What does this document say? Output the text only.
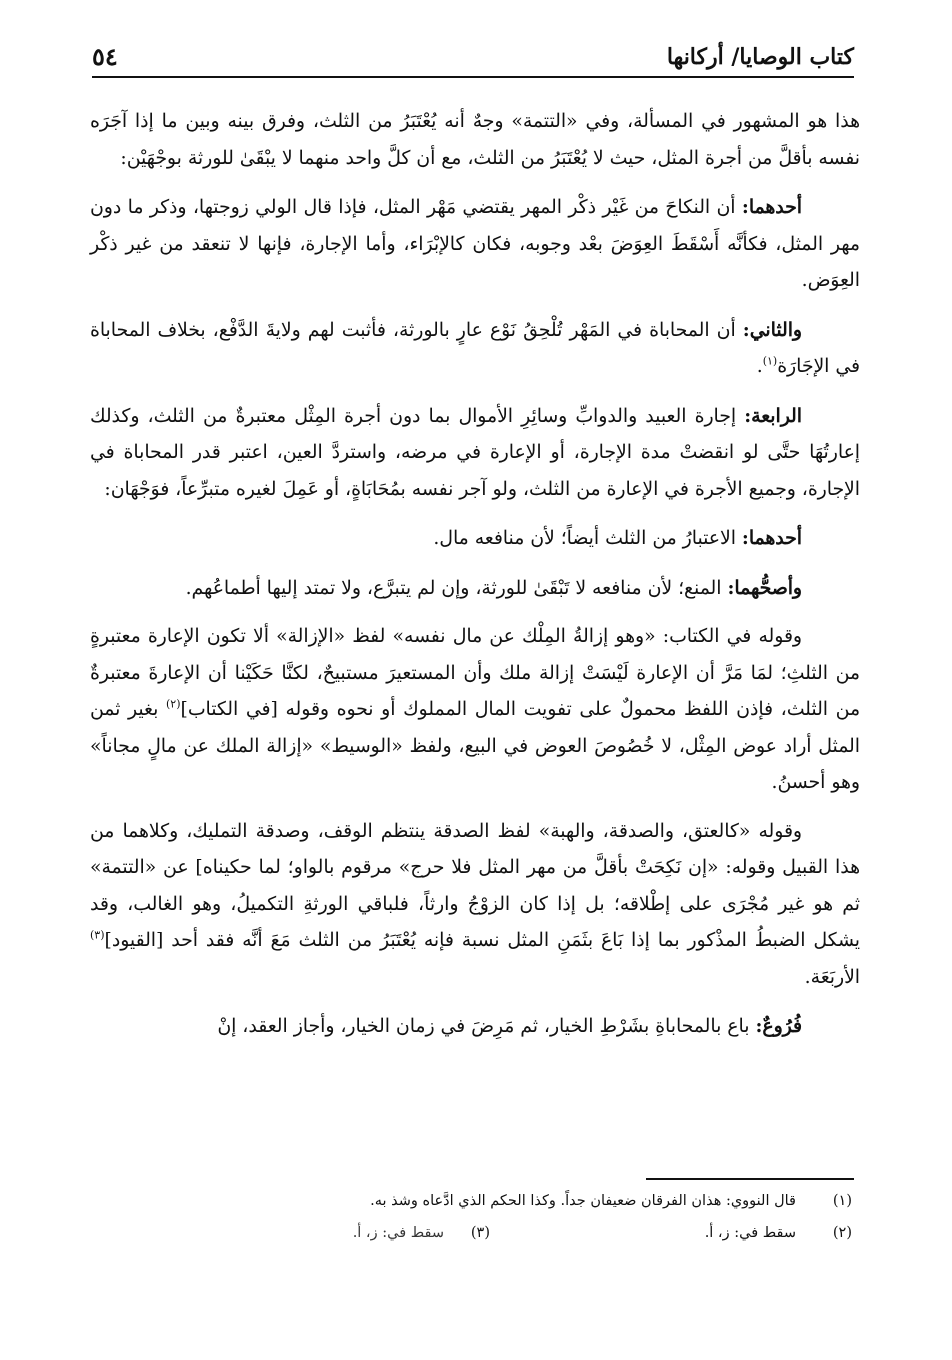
كتاب الوصايا/ أركانها
٥٤

هذا هو المشهور في المسألة، وفي «التتمة» وجهٌ أنه يُعْتَبَرُ من الثلث، وفرق بينه وبين ما إذا آجَرَه نفسه بأقلَّ من أجرة المثل، حيث لا يُعْتَبَرُ من الثلث، مع أن كلَّ واحد منهما لا يبْقَىٰ للورثة بوجْهَيْن:

أحدهما: أن النكاحَ من غَيْر ذكْر المهر يقتضي مَهْر المثل، فإذا قال الولي زوجتها، وذكر ما دون مهر المثل، فكأنَّه أَسْقَطَ العِوَضَ بعْد وجوبه، فكان كالإبْرَاء، وأما الإجارة، فإنها لا تنعقد من غير ذكْر العِوَض.

والثاني: أن المحاباة في المَهْر تُلْحِقُ نَوْع عارٍ بالورثة، فأثبت لهم ولايةَ الدَّفْع، بخلاف المحاباة في الإجَارَة$^{(١)}$.

الرابعة: إجارة العبيد والدوابِّ وسائِرِ الأموال بما دون أجرة المِثْل معتبرةٌ من الثلث، وكذلك إعارتُهَا حتَّى لو انقضتْ مدة الإجارة، أو الإعارة في مرضه، واستردَّ العين، اعتبر قدر المحاباة في الإجارة، وجميع الأجرة في الإعارة من الثلث، ولو آجر نفسه بمُحَابَاةٍ، أو عَمِلَ لغيره متبرِّعاً، فوَجْهَان:

أحدهما: الاعتبارُ من الثلث أيضاً؛ لأن منافعه مال.

وأصحُّهما: المنع؛ لأن منافعه لا تَبْقَىٰ للورثة، وإن لم يتبرَّع، ولا تمتد إليها أطماعُهم.

وقوله في الكتاب: «وهو إزالةُ المِلْك عن مال نفسه» لفظ «الإزالة» ألا تكون الإعارة معتبرةٍ من الثلثِ؛ لمَا مَرَّ أن الإعارة لَيْسَتْ إزالة ملك وأن المستعيرَ مستبيحٌ، لكنَّا حَكَيْنا أن الإعارةَ معتبرةٌ من الثلث، فإذن اللفظ محمولٌ على تفويت المال المملوك أو نحوه وقوله [في الكتاب]$^{(٢)}$ بغير ثمن المثل أراد عوض المِثْل، لا خُصُوصَ العوض في البيع، ولفظ «الوسيط» «إزالة الملك عن مالٍ مجاناً» وهو أحسنُ.

وقوله «كالعتق، والصدقة، والهبة» لفظ الصدقة ينتظم الوقف، وصدقة التمليك، وكلاهما من هذا القبيل وقوله: «إن نَكِحَتْ بأقلَّ من مهر المثل فلا حرج» مرقوم بالواو؛ لما حكيناه] عن «التتمة» ثم هو غير مُجْرَى على إطْلاقه؛ بل إذا كان الزوْجُ وارثاً، فلباقي الورثةِ التكميلُ، وهو الغالب، وقد يشكل الضبطُ المذْكور بما إذا بَاعَ بثَمَنِ المثل نسبة فإنه يُعْتَبَرُ من الثلث مَعَ أنَّه فقد أحد [القيود]$^{(٣)}$ الأربَعَة.

فُرُوعٌ: باع بالمحاباةِ بشَرْطِ الخيار، ثم مَرِضَ في زمان الخيار، وأجاز العقد، إنْ

(١)
قال النووي: هذان الفرقان ضعيفان جداً. وكذا الحكم الذي ادَّعاه وشذ به.
(٢)
سقط في: ز، أ.
(٣)
سقط في: ز، أ.
